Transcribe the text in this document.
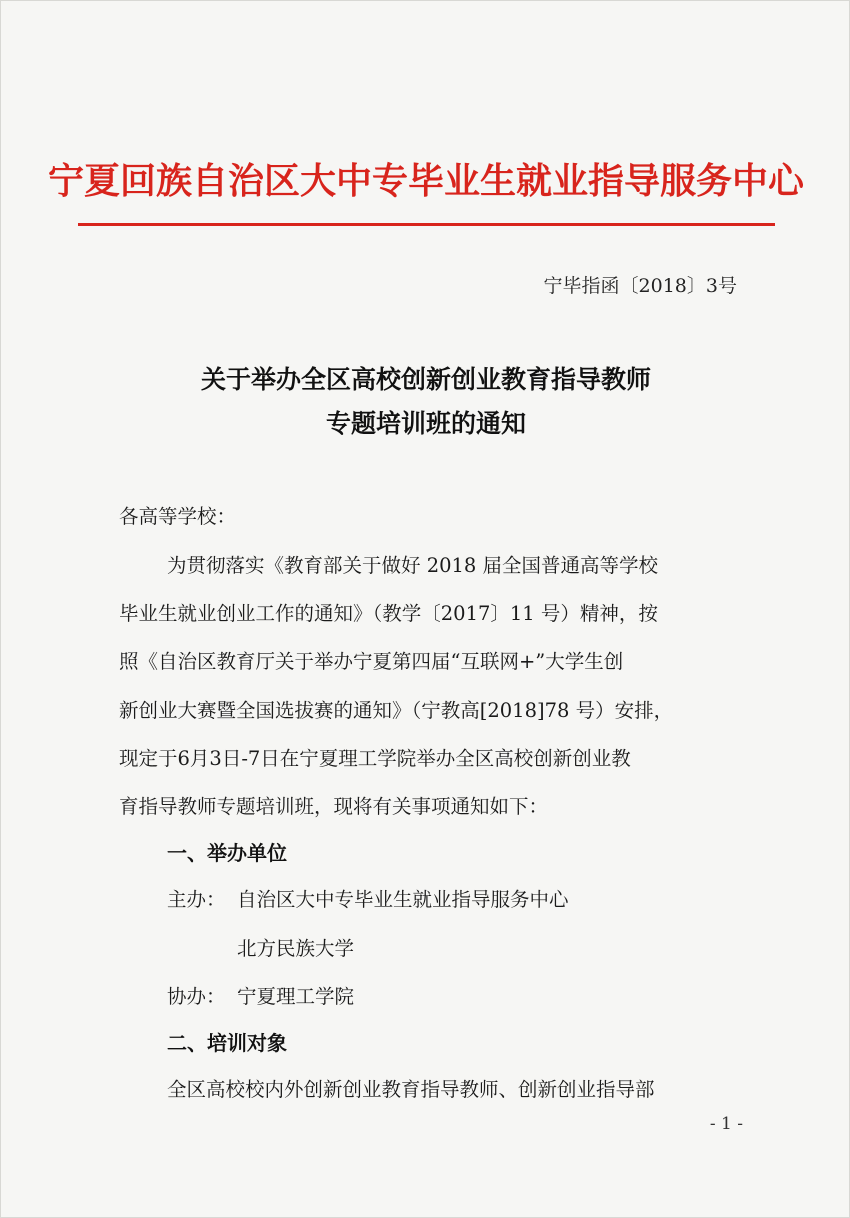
宁夏回族自治区大中专毕业生就业指导服务中心
宁毕指函〔2018〕3号
关于举办全区高校创新创业教育指导教师
专题培训班的通知
各高等学校：
为贯彻落实《教育部关于做好 2018 届全国普通高等学校
毕业生就业创业工作的通知》（教学〔2017〕11 号）精神，按
照《自治区教育厅关于举办宁夏第四届“互联网+”大学生创
新创业大赛暨全国选拔赛的通知》（宁教高[2018]78 号）安排，
现定于6月3日-7日在宁夏理工学院举办全区高校创新创业教
育指导教师专题培训班，现将有关事项通知如下：
一、举办单位
主办： 自治区大中专毕业生就业指导服务中心
北方民族大学
协办： 宁夏理工学院
二、培训对象
全区高校校内外创新创业教育指导教师、创新创业指导部
- 1 -
